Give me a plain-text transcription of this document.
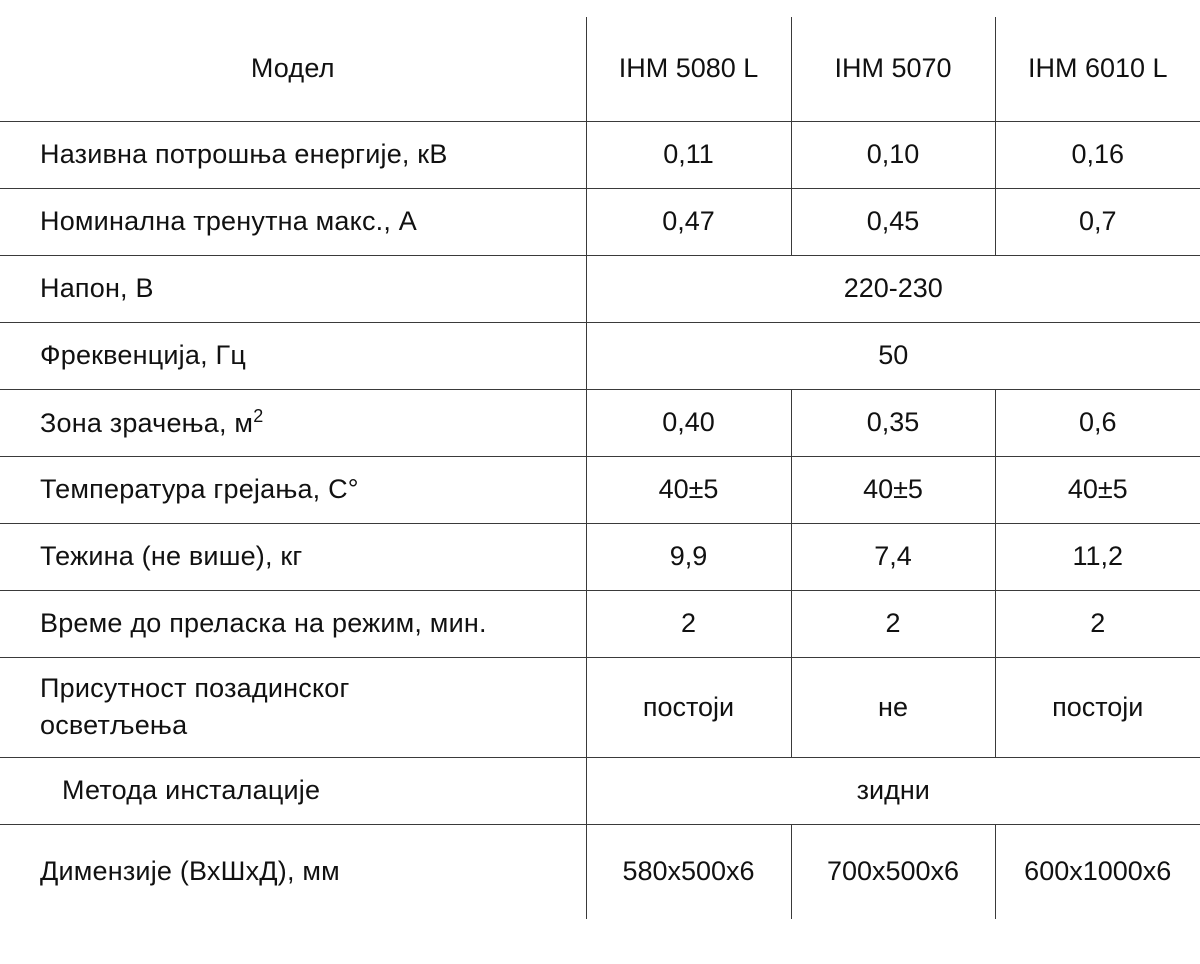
Модел	IHM 5080 L	IHM 5070	IHM 6010 L
Називна потрошња енергије, кВ	0,11	0,10	0,16
Номинална тренутна макс., А	0,47	0,45	0,7
Напон, В	220-230		
Фреквенција, Гц	50		
Зона зрачења, $м^2$	0,40	0,35	0,6
Температура грејања, С°	40±5	40±5	40±5
Тежина (не више), кг	9,9	7,4	11,2
Време до преласка на режим, мин.	2	2	2

Присутност позадинског
осветљења	постоји	не	постоји
Метода инсталације	зидни		
Димензије (ВхШхД), мм	580х500х6	700х500х6	600х1000х6
